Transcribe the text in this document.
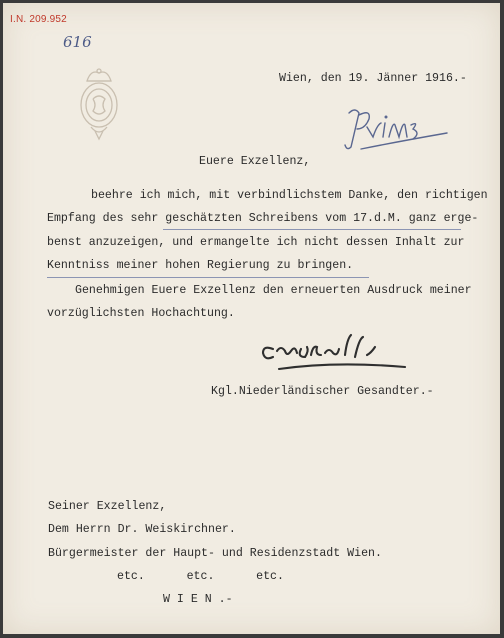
I.N. 209.952
616
Wien, den 19. Jänner 1916.-
Euere Exzellenz,
beehre ich mich, mit verbindlichstem Danke, den richtigen
Empfang des sehr geschätzten Schreibens vom 17.d.M. ganz erge-
benst anzuzeigen, und ermangelte ich nicht dessen Inhalt zur
Kenntniss meiner hohen Regierung zu bringen.
Genehmigen Euere Exzellenz den erneuerten Ausdruck meiner
vorzüglichsten Hochachtung.
Kgl.Niederländischer Gesandter.-
Seiner Exzellenz,
Dem Herrn Dr. Weiskirchner.
Bürgermeister der Haupt- und Residenzstadt Wien.
etc.      etc.      etc.
W I E N .-
